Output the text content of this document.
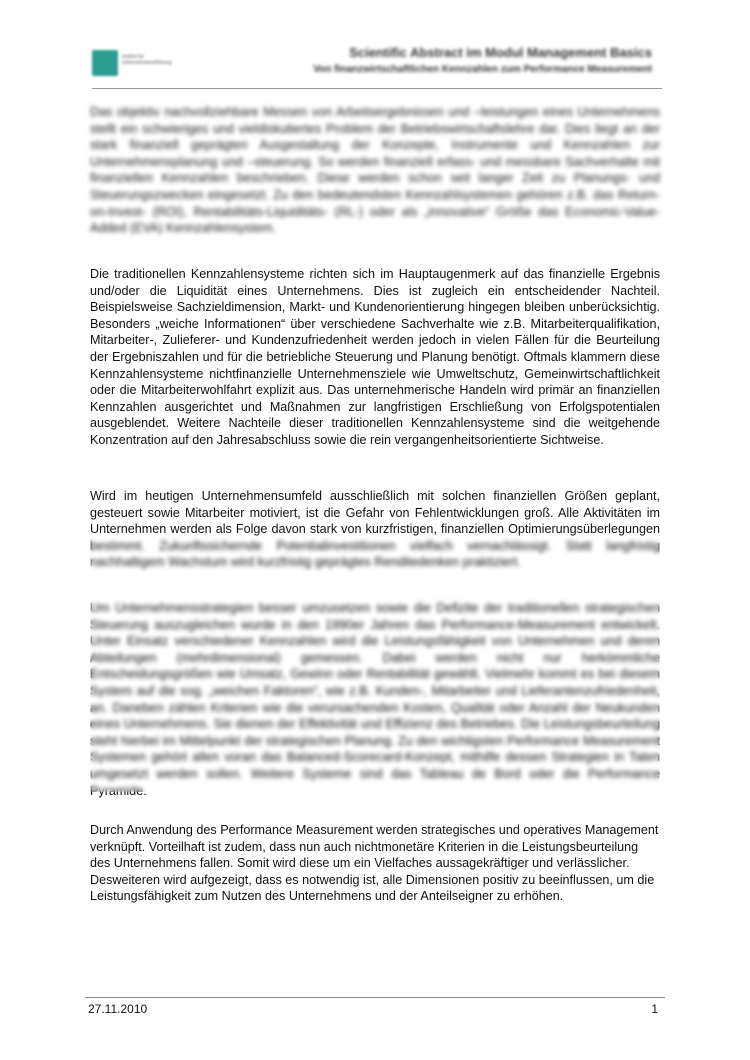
Institut für Unternehmensführung
Scientific Abstract im Modul Management Basics
Von finanzwirtschaftlichen Kennzahlen zum Performance Measurement

Das objektiv nachvollziehbare Messen von Arbeitsergebnissen und –leistungen eines Unternehmens stellt ein schwieriges und vieldiskutiertes Problem der Betriebswirtschaftslehre dar. Dies liegt an der stark finanziell geprägten Ausgestaltung der Konzepte, Instrumente und Kennzahlen zur Unternehmensplanung und –steuerung. So werden finanziell erfass- und messbare Sachverhalte mit finanziellen Kennzahlen beschrieben. Diese werden schon seit langer Zeit zu Planungs- und Steuerungszwecken eingesetzt. Zu den bedeutendsten Kennzahlsystemen gehören z.B. das Return-on-Invest- (ROI), Rentabilitäts-Liquiditäts- (RL-) oder als „innovative“ Größe das Economic-Value-Added (EVA) Kennzahlensystem.

Die traditionellen Kennzahlensysteme richten sich im Hauptaugenmerk auf das finanzielle Ergebnis und/oder die Liquidität eines Unternehmens. Dies ist zugleich ein entscheidender Nachteil. Beispielsweise Sachzieldimension, Markt- und Kundenorientierung hingegen bleiben unberücksichtig. Besonders „weiche Informationen“ über verschiedene Sachverhalte wie z.B. Mitarbeiterqualifikation, Mitarbeiter-, Zulieferer- und Kundenzufriedenheit werden jedoch in vielen Fällen für die Beurteilung der Ergebniszahlen und für die betriebliche Steuerung und Planung benötigt. Oftmals klammern diese Kennzahlensysteme nichtfinanzielle Unternehmensziele wie Umweltschutz, Gemeinwirtschaftlichkeit oder die Mitarbeiterwohlfahrt explizit aus. Das unternehmerische Handeln wird primär an finanziellen Kennzahlen ausgerichtet und Maßnahmen zur langfristigen Erschließung von Erfolgspotentialen ausgeblendet. Weitere Nachteile dieser traditionellen Kennzahlensysteme sind die weitgehende Konzentration auf den Jahresabschluss sowie die rein vergangenheitsorientierte Sichtweise.

Wird im heutigen Unternehmensumfeld ausschließlich mit solchen finanziellen Größen geplant, gesteuert sowie Mitarbeiter motiviert, ist die Gefahr von Fehlentwicklungen groß. Alle Aktivitäten im Unternehmen werden als Folge davon stark von kurzfristigen, finanziellen Optimierungsüberlegungen bestimmt. Zukunftssichernde Potentialinvestitionen vielfach vernachlässigt. Statt langfristig nachhaltigem Wachstum wird kurzfristig geprägtes Renditedenken praktiziert.

Um Unternehmensstrategien besser umzusetzen sowie die Defizite der traditionellen strategischen Steuerung auszugleichen wurde in den 1990er Jahren das Performance-Measurement entwickelt. Unter Einsatz verschiedener Kennzahlen wird die Leistungsfähigkeit von Unternehmen und deren Abteilungen (mehrdimensional) gemessen. Dabei werden nicht nur herkömmliche Entscheidungsgrößen wie Umsatz, Gewinn oder Rentabilität gewählt. Vielmehr kommt es bei diesem System auf die sog. „weichen Faktoren“, wie z.B. Kunden-, Mitarbeiter und Lieferantenzufriedenheit, an. Daneben zählen Kriterien wie die verursachenden Kosten, Qualität oder Anzahl der Neukunden eines Unternehmens. Sie dienen der Effektivität und Effizienz des Betriebes. Die Leistungsbeurteilung steht hierbei im Mittelpunkt der strategischen Planung. Zu den wichtigsten Performance Measurement Systemen gehört allen voran das Balanced-Scorecard-Konzept, mithilfe dessen Strategien in Taten umgesetzt werden sollen. Weitere Systeme sind das Tableau de Bord oder die Performance Pyramide.

Durch Anwendung des Performance Measurement werden strategisches und operatives Management verknüpft. Vorteilhaft ist zudem, dass nun auch nichtmonetäre Kriterien in die Leistungsbeurteilung des Unternehmens fallen. Somit wird diese um ein Vielfaches aussagekräftiger und verlässlicher. Desweiteren wird aufgezeigt, dass es notwendig ist, alle Dimensionen positiv zu beeinflussen, um die Leistungsfähigkeit zum Nutzen des Unternehmens und der Anteilseigner zu erhöhen.

27.11.2010	1
